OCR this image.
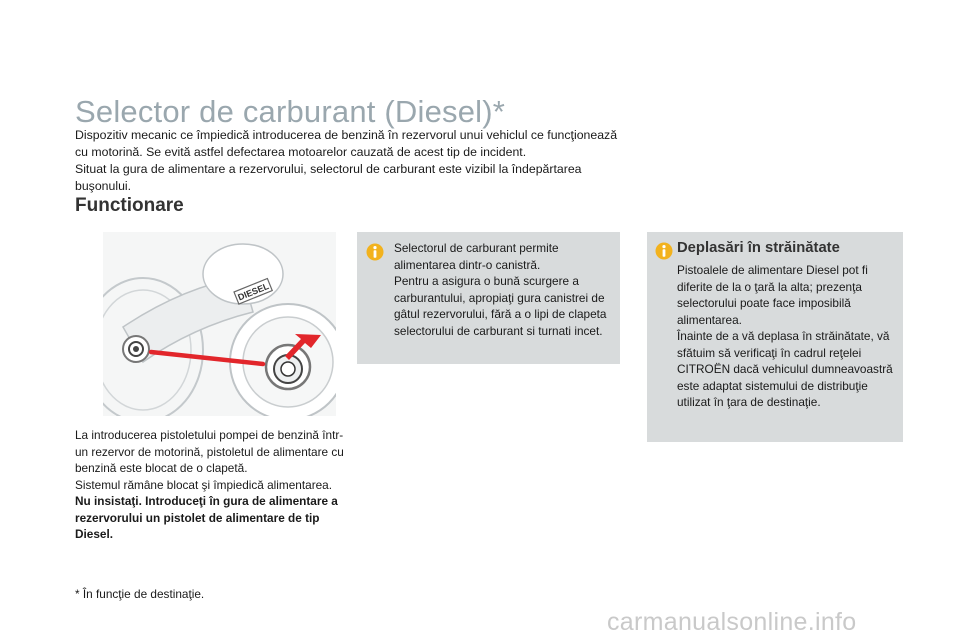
Selector de carburant (Diesel)*

Dispozitiv mecanic ce împiedică introducerea de benzină în rezervorul unui vehiclul ce funcţionează cu motorină. Se evită astfel defectarea motoarelor cauzată de acest tip de incident.

Situat la gura de alimentare a rezervorului, selectorul de carburant este vizibil la îndepărtarea buşonului.

Functionare
DIESEL

La introducerea pistoletului pompei de benzină într-un rezervor de motorină, pistoletul de alimentare cu benzină este blocat de o clapetă.

Sistemul rămâne blocat şi împiedică alimentarea.

Nu insistaţi. Introduceţi în gura de alimentare a rezervorului un pistolet de alimentare de tip Diesel.

* În funcţie de destinaţie.

Selectorul de carburant permite alimentarea dintr-o canistră.

Pentru a asigura o bună scurgere a carburantului, apropiaţi gura canistrei de gâtul rezervorului, fără a o lipi de clapeta selectorului de carburant si turnati incet.

Deplasări în străinătate

Pistoalele de alimentare Diesel pot fi diferite de la o ţară la alta; prezenţa selectorului poate face imposibilă alimentarea.

Înainte de a vă deplasa în străinătate, vă sfătuim să verificaţi în cadrul reţelei CITROËN dacă vehiculul dumneavoastră este adaptat sistemului de distribuţie utilizat în ţara de destinaţie.

carmanualsonline.info
